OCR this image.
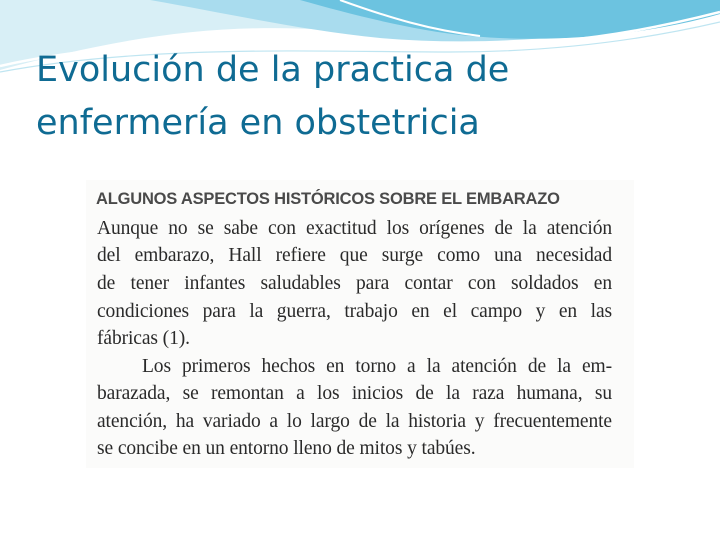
Evolución de la practica de
enfermería en obstetricia
ALGUNOS ASPECTOS HISTÓRICOS SOBRE EL EMBARAZO
Aunque no se sabe con exactitud los orígenes de la atención
del embarazo, Hall refiere que surge como una necesidad
de tener infantes saludables para contar con soldados en
condiciones para la guerra, trabajo en el campo y en las
fábricas (1).
Los primeros hechos en torno a la atención de la em-
barazada, se remontan a los inicios de la raza humana, su
atención, ha variado a lo largo de la historia y frecuentemente
se concibe en un entorno lleno de mitos y tabúes.
